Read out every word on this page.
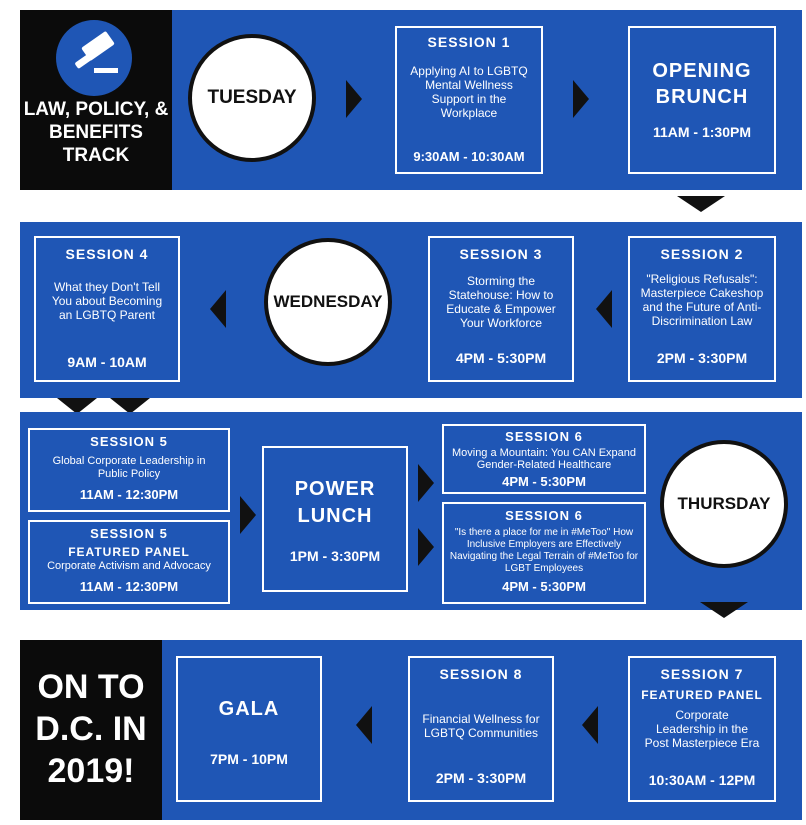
LAW, POLICY, & BENEFITS TRACK
TUESDAY
SESSION 1
Applying AI to LGBTQ Mental Wellness Support in the Workplace
9:30AM - 10:30AM
OPENING BRUNCH
11AM - 1:30PM
SESSION 4
What they Don't Tell You about Becoming an LGBTQ Parent
9AM - 10AM
WEDNESDAY
SESSION 3
Storming the Statehouse: How to Educate & Empower Your Workforce
4PM - 5:30PM
SESSION 2
"Religious Refusals": Masterpiece Cakeshop and the Future of Anti-Discrimination Law
2PM - 3:30PM
SESSION 5
Global Corporate Leadership in Public Policy
11AM - 12:30PM
SESSION 5
FEATURED PANEL
Corporate Activism and Advocacy
11AM - 12:30PM
POWER LUNCH
1PM - 3:30PM
SESSION 6
Moving a Mountain: You CAN Expand Gender-Related Healthcare
4PM - 5:30PM
SESSION 6
"Is there a place for me in #MeToo" How Inclusive Employers are Effectively Navigating the Legal Terrain of #MeToo for LGBT Employees
4PM - 5:30PM
THURSDAY
ON TO D.C. IN 2019!
GALA
7PM - 10PM
SESSION 8
Financial Wellness for LGBTQ Communities
2PM - 3:30PM
SESSION 7
FEATURED PANEL
Corporate Leadership in the Post Masterpiece Era
10:30AM - 12PM
